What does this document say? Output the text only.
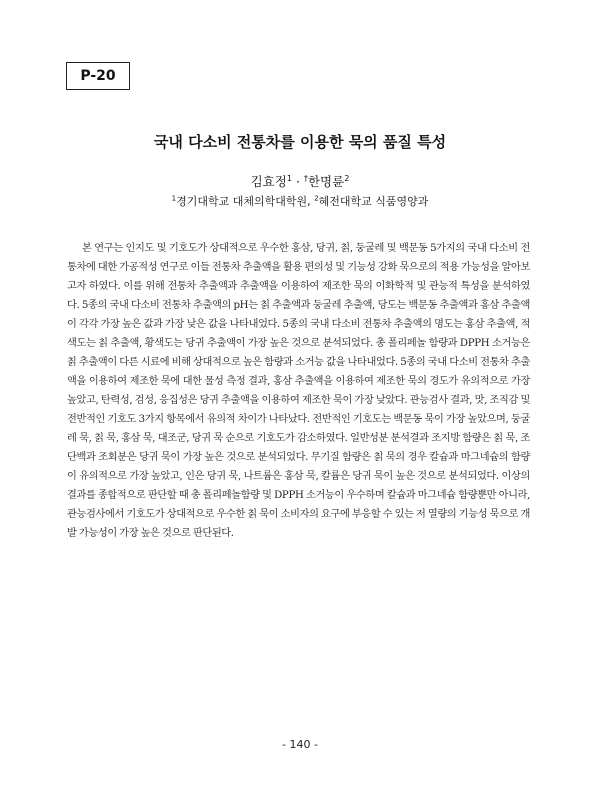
P-20
국내 다소비 전통차를 이용한 묵의 품질 특성
김효정$^1$ · †한명륜$^2$
$^1$경기대학교 대체의학대학원, $^2$혜전대학교 식품영양과

본 연구는 인지도 및 기호도가 상대적으로 우수한 홍삼, 당귀, 칡, 둥굴레 및 백문동 5가지의 국내 다소비 전통차에 대한 가공적성 연구로 이들 전통차 추출액을 활용 편의성 및 기능성 강화 묵으로의 적용 가능성을 알아보고자 하였다. 이를 위해 전통차 추출액과 추출액을 이용하여 제조한 묵의 이화학적 및 관능적 특성을 분석하였다. 5종의 국내 다소비 전통차 추출액의 pH는 칡 추출액과 둥굴레 추출액, 당도는 백문동 추출액과 홍삼 추출액이 각각 가장 높은 값과 가장 낮은 값을 나타내었다. 5종의 국내 다소비 전통차 추출액의 명도는 홍삼 추출액, 적색도는 칡 추출액, 황색도는 당귀 추출액이 가장 높은 것으로 분석되었다. 총 폴리페놀 함량과 DPPH 소거능은 칡 추출액이 다른 시료에 비해 상대적으로 높은 함량과 소거능 값을 나타내었다. 5종의 국내 다소비 전통차 추출액을 이용하여 제조한 묵에 대한 물성 측정 결과, 홍삼 추출액을 이용하여 제조한 묵의 경도가 유의적으로 가장 높았고, 탄력성, 검성, 응집성은 당귀 추출액을 이용하여 제조한 묵이 가장 낮았다. 관능검사 결과, 맛, 조직감 및 전반적인 기호도 3가지 항목에서 유의적 차이가 나타났다. 전반적인 기호도는 백문동 묵이 가장 높았으며, 둥굴레 묵, 칡 묵, 홍삼 묵, 대조군, 당귀 묵 순으로 기호도가 감소하였다. 일반성분 분석결과 조지방 함량은 칡 묵, 조단백과 조회분은 당귀 묵이 가장 높은 것으로 분석되었다. 무기질 함량은 칡 묵의 경우 칼슘과 마그네슘의 함량이 유의적으로 가장 높았고, 인은 당귀 묵, 나트륨은 홍삼 묵, 칼륨은 당귀 묵이 높은 것으로 분석되었다. 이상의 결과를 종합적으로 판단할 때 총 폴리페놀함량 및 DPPH 소거능이 우수하며 칼슘과 마그네슘 함량뿐만 아니라, 관능검사에서 기호도가 상대적으로 우수한 칡 묵이 소비자의 요구에 부응할 수 있는 저 열량의 기능성 묵으로 개발 가능성이 가장 높은 것으로 판단된다.

- 140 -
